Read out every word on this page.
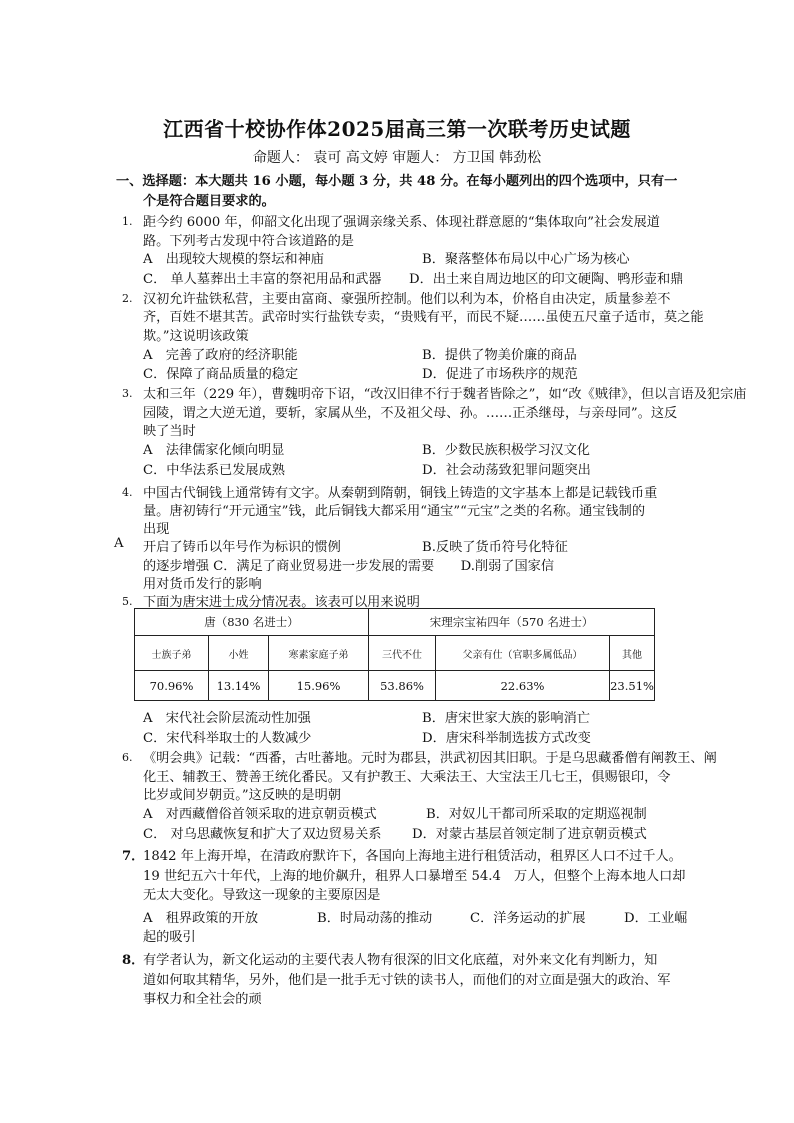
江西省十校协作体2025届高三第一次联考历史试题
命题人： 袁可 高文婷 审题人： 方卫国 韩劲松
一、选择题：本大题共 16 小题，每小题 3 分，共 48 分。在每小题列出的四个选项中，只有一
个是符合题目要求的。
1. 距今约 6000 年，仰韶文化出现了强调亲缘关系、体现社群意愿的“集体取向”社会发展道
路。下列考古发现中符合该道路的是
A　出现较大规模的祭坛和神庙	B．聚落整体布局以中心广场为核心
C． 单人墓葬出土丰富的祭祀用品和武器 D．出土来自周边地区的印文硬陶、鸭形壶和鼎
2. 汉初允许盐铁私营，主要由富商、豪强所控制。他们以利为本，价格自由决定，质量参差不
齐，百姓不堪其苦。武帝时实行盐铁专卖，“贵贱有平，而民不疑……虽使五尺童子适市，莫之能
欺。”这说明该政策
A　完善了政府的经济职能	B．提供了物美价廉的商品
C．保障了商品质量的稳定	D．促进了市场秩序的规范
3. 太和三年（229 年），曹魏明帝下诏，“改汉旧律不行于魏者皆除之”，如“改《贼律》，但以言语及犯宗庙
园陵，谓之大逆无道，要斩，家属从坐，不及祖父母、孙。……正杀继母，与亲母同”。这反
映了当时
A　法律儒家化倾向明显	B．少数民族积极学习汉文化
C．中华法系已发展成熟	D．社会动荡致犯罪问题突出
4. 中国古代铜钱上通常铸有文字。从秦朝到隋朝，铜钱上铸造的文字基本上都是记载钱币重
量。唐初铸行“开元通宝”钱，此后铜钱大都采用“通宝”“元宝”之类的名称。通宝钱制的
出现
A 开启了铸币以年号作为标识的惯例	B.反映了货币符号化特征
的逐步增强 C．满足了商业贸易进一步发展的需要　　D.削弱了国家信
用对货币发行的影响
5. 下面为唐宋进士成分情况表。该表可以用来说明
唐（830 名进士）			宋理宗宝祐四年（570 名进士）		
士族子弟	小姓	寒素家庭子弟	三代不仕	父亲有仕（官职多属低品）	其他
70.96%	13.14%	15.96%	53.86%	22.63%	23.51%
A　宋代社会阶层流动性加强	B．唐宋世家大族的影响消亡
C．宋代科举取士的人数减少	D．唐宋科举制选拔方式改变
6. 《明会典》记载：“西番，古吐蕃地。元时为郡县，洪武初因其旧职。于是乌思藏番僧有阐教王、阐
化王、辅教王、赞善王统化番民。又有护教王、大乘法王、大宝法王几七王，俱赐银印，令
比岁或间岁朝贡。”这反映的是明朝
A　对西藏僧俗首领采取的进京朝贡模式	B．对奴儿干都司所采取的定期巡视制
C． 对乌思藏恢复和扩大了双边贸易关系 D．对蒙古基层首领定制了进京朝贡模式
7．
1842 年上海开埠，在清政府默许下，各国向上海地主进行租赁活动，租界区人口不过千人。
19 世纪五六十年代，上海的地价飙升，租界人口暴增至 54.4　万人，但整个上海本地人口却
无太大变化。导致这一现象的主要原因是
A　租界政策的开放	B．时局动荡的推动	C．洋务运动的扩展	D．工业崛
起的吸引
8．
有学者认为，新文化运动的主要代表人物有很深的旧文化底蕴，对外来文化有判断力，知
道如何取其精华，另外，他们是一批手无寸铁的读书人，而他们的对立面是强大的政治、军
事权力和全社会的顽
